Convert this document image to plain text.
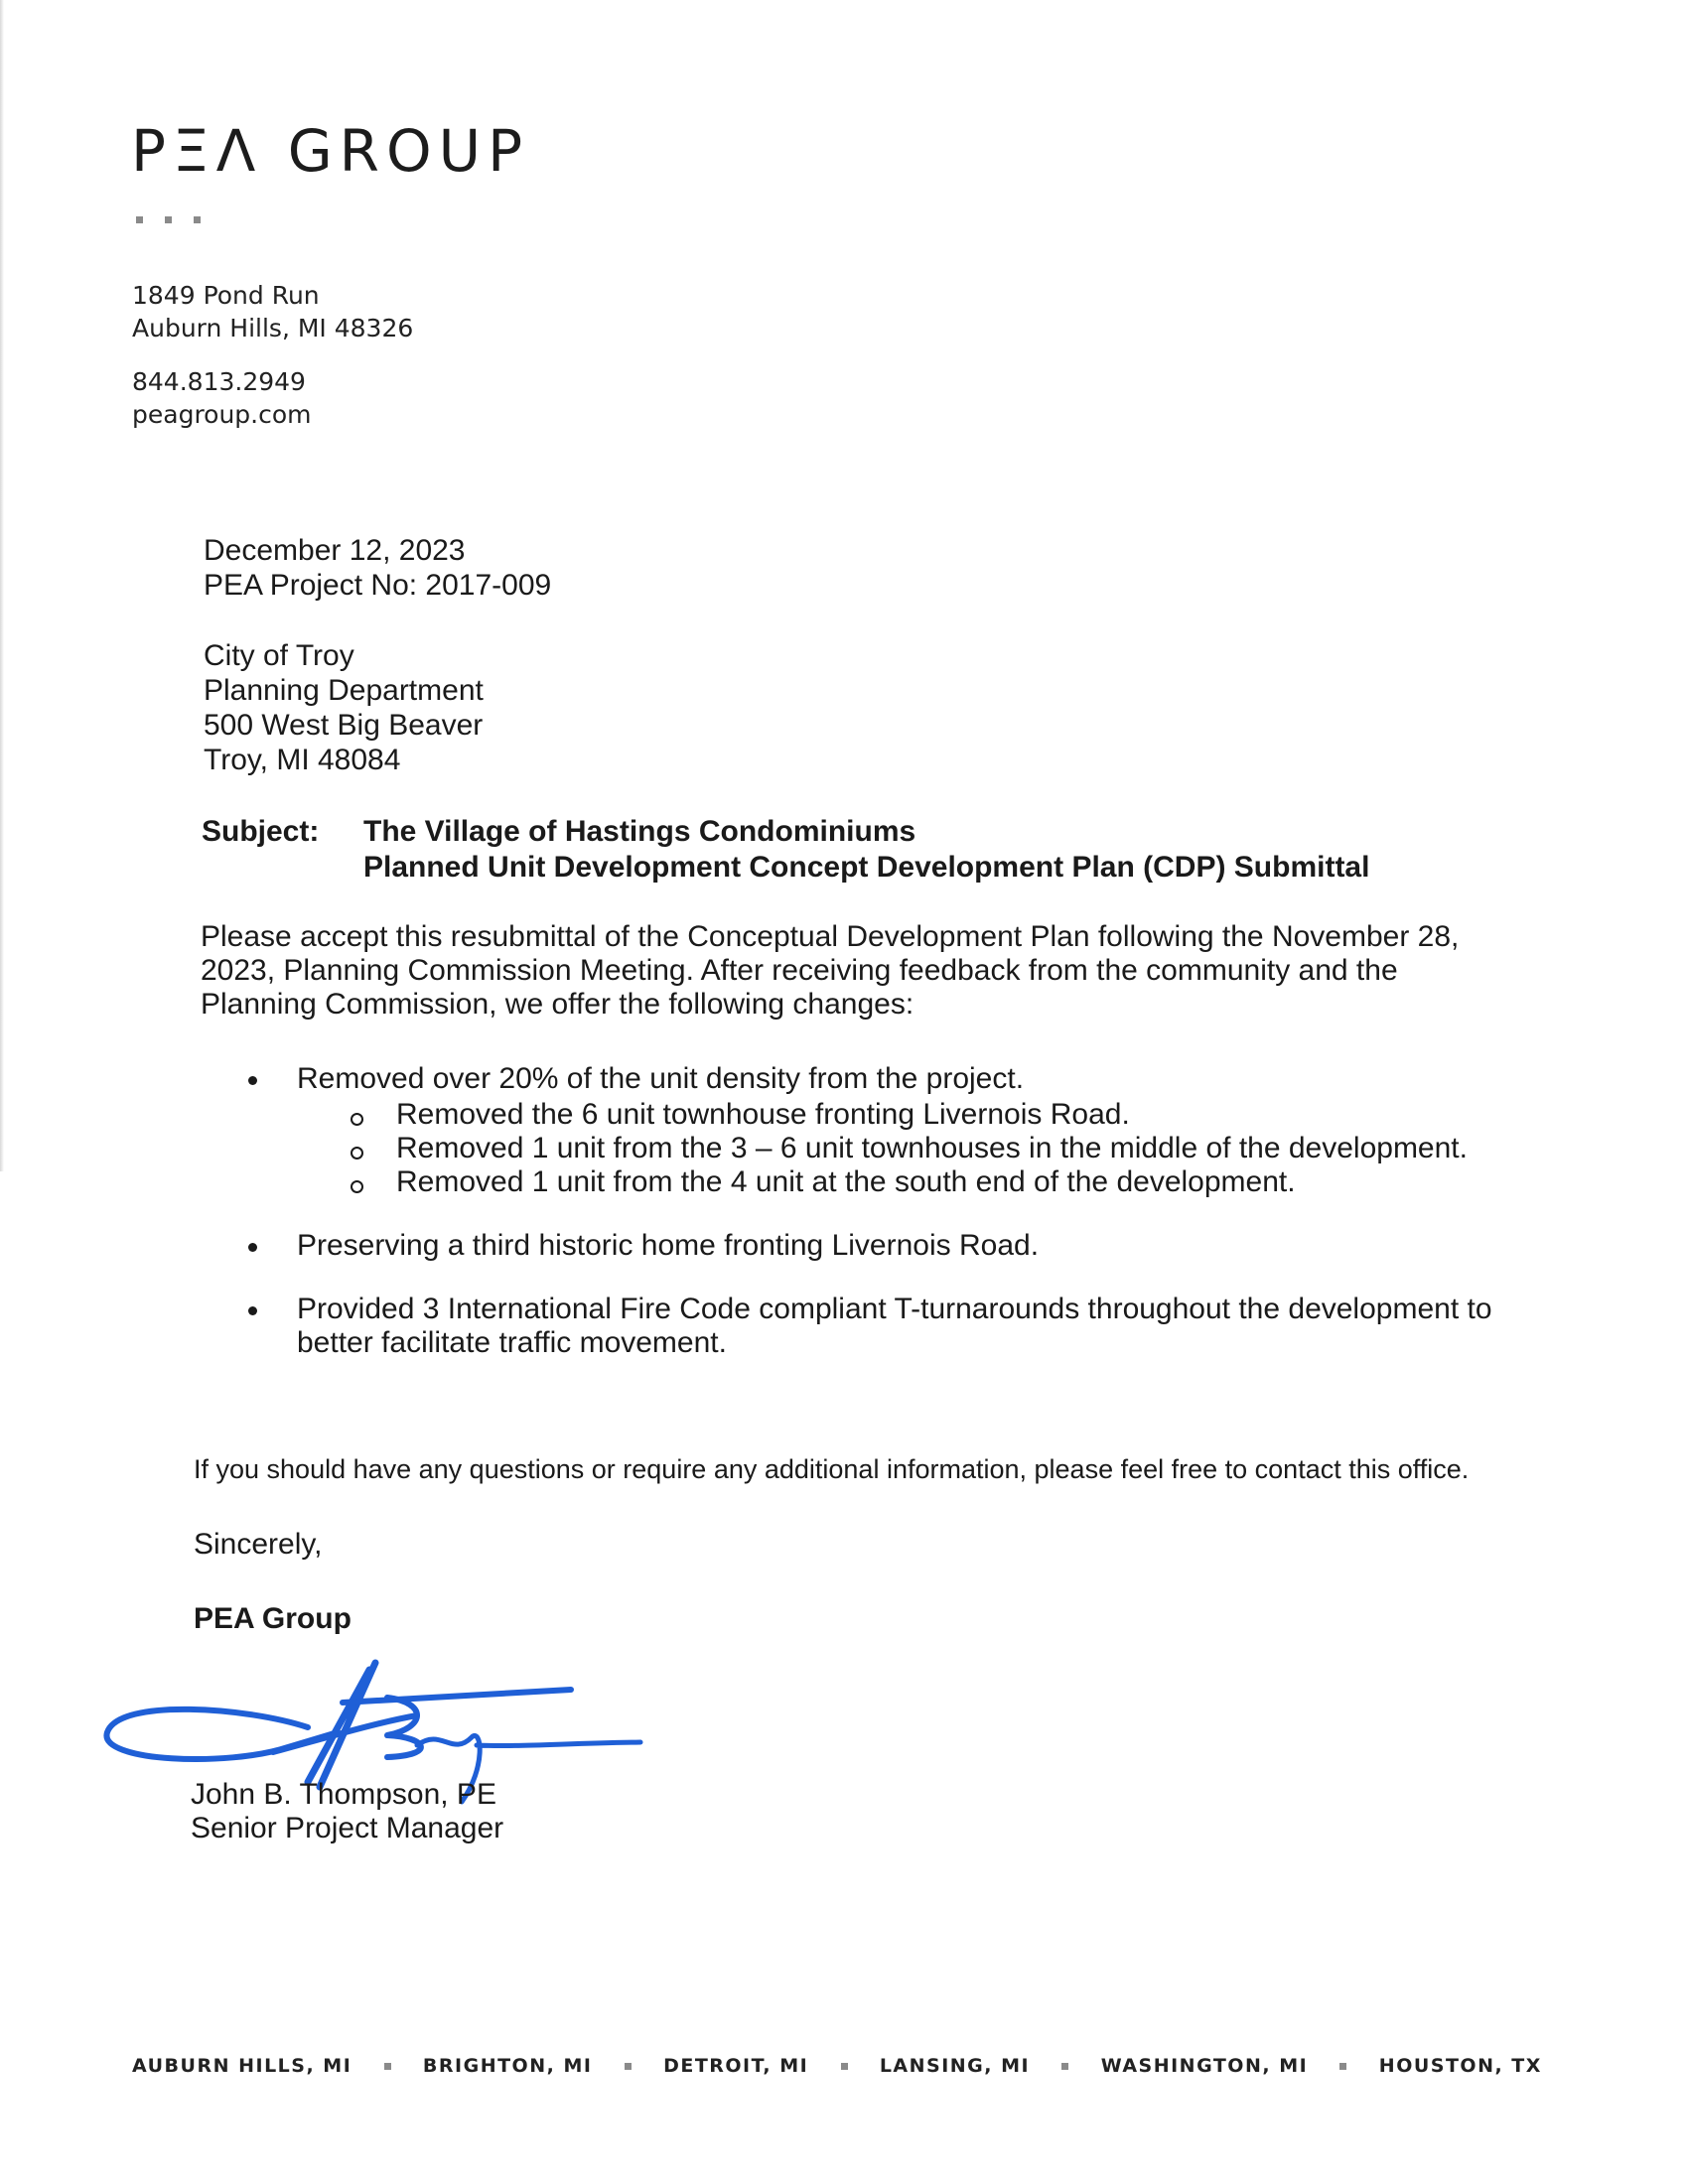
PΞΛ GROUP
1849 Pond Run
Auburn Hills, MI 48326
844.813.2949
peagroup.com
December 12, 2023
PEA Project No: 2017-009
City of Troy
Planning Department
500 West Big Beaver
Troy, MI 48084
Subject:	The Village of Hastings Condominiums
Planned Unit Development Concept Development Plan (CDP) Submittal
Please accept this resubmittal of the Conceptual Development Plan following the November 28, 2023, Planning Commission Meeting. After receiving feedback from the community and the Planning Commission, we offer the following changes:
Removed over 20% of the unit density from the project.
Removed the 6 unit townhouse fronting Livernois Road.
Removed 1 unit from the 3 – 6 unit townhouses in the middle of the development.
Removed 1 unit from the 4 unit at the south end of the development.
Preserving a third historic home fronting Livernois Road.
Provided 3 International Fire Code compliant T-turnarounds throughout the development to better facilitate traffic movement.
If you should have any questions or require any additional information, please feel free to contact this office.
Sincerely,
PEA Group
John B. Thompson, PE
Senior Project Manager
AUBURN HILLS, MI	BRIGHTON, MI	DETROIT, MI	LANSING, MI	WASHINGTON, MI	HOUSTON, TX
